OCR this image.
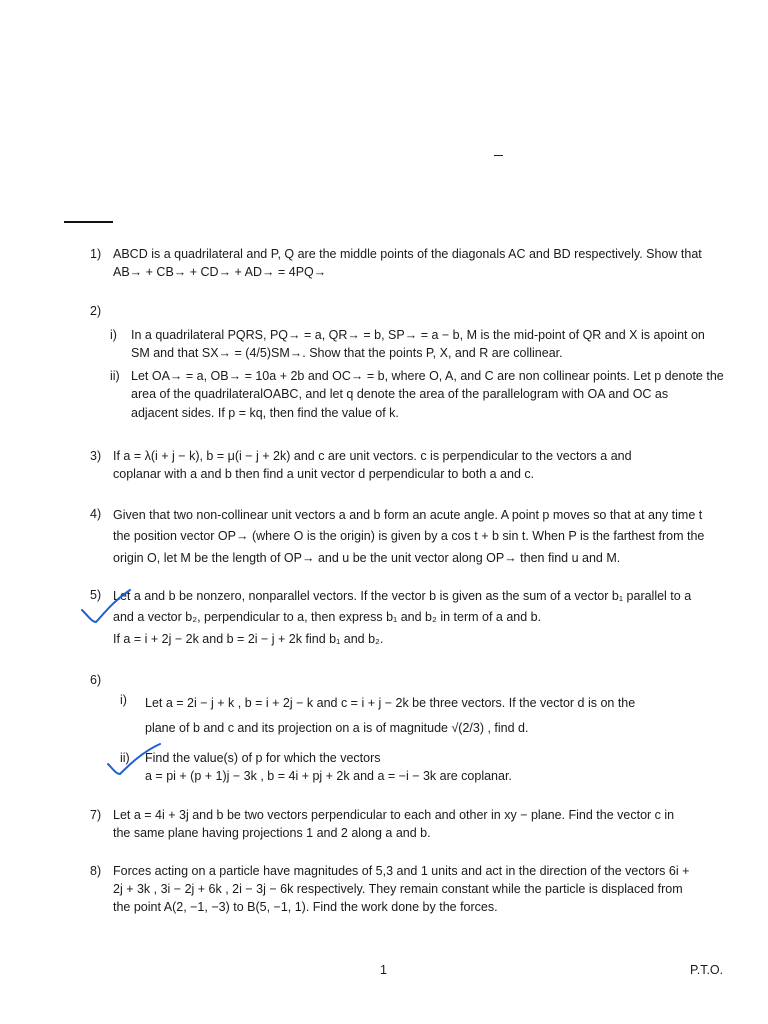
1) ABCD is a quadrilateral and P, Q are the middle points of the diagonals AC and BD respectively. Show that
AB→ + CB→ + CD→ + AD→ = 4PQ→
2)
i) In a quadrilateral PQRS, PQ→ = a, QR→ = b, SP→ = a − b, M is the mid-point of QR and X is apoint on
SM and that SX→ = (4/5)SM→. Show that the points P, X, and R are collinear.
ii) Let OA→ = a, OB→ = 10a + 2b and OC→ = b, where O, A, and C are non collinear points. Let p denote the
area of the quadrilateralOABC, and let q denote the area of the parallelogram with OA and OC as
adjacent sides. If p = kq, then find the value of k.
3) If a = λ(i + j − k), b = μ(i − j + 2k) and c are unit vectors. c is perpendicular to the vectors a and
coplanar with a and b then find a unit vector d perpendicular to both a and c.
4) Given that two non-collinear unit vectors a and b form an acute angle. A point p moves so that at any time t
the position vector OP→ (where O is the origin) is given by a cos t + b sin t. When P is the farthest from the
origin O, let M be the length of OP→ and u be the unit vector along OP→ then find u and M.
5) Let a and b be nonzero, nonparallel vectors. If the vector b is given as the sum of a vector b₁ parallel to a
and a vector b₂, perpendicular to a, then express b₁ and b₂ in term of a and b.
If a = i + 2j − 2k and b = 2i − j + 2k find b₁ and b₂.
6)
i) Let a = 2i − j + k , b = i + 2j − k and c = i + j − 2k be three vectors. If the vector d is on the
plane of b and c and its projection on a is of magnitude √(2/3) , find d.
ii) Find the value(s) of p for which the vectors
a = pi + (p + 1)j − 3k , b = 4i + pj + 2k and a = −i − 3k are coplanar.
7) Let a = 4i + 3j and b be two vectors perpendicular to each and other in xy − plane. Find the vector c in
the same plane having projections 1 and 2 along a and b.
8) Forces acting on a particle have magnitudes of 5,3 and 1 units and act in the direction of the vectors 6i +
2j + 3k , 3i − 2j + 6k , 2i − 3j − 6k respectively. They remain constant while the particle is displaced from
the point A(2, −1, −3) to B(5, −1, 1). Find the work done by the forces.
1	P.T.O.
